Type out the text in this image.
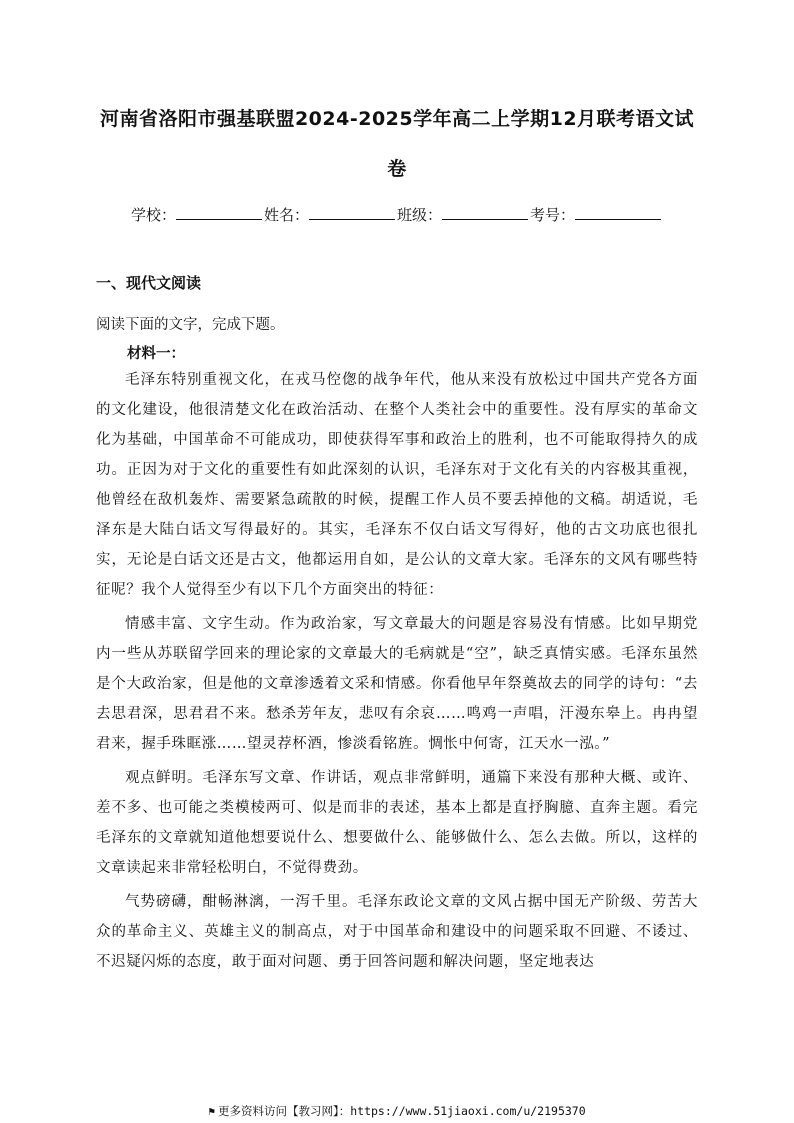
河南省洛阳市强基联盟2024-2025学年高二上学期12月联考语文试
卷
学校：	姓名：	班级：	考号：
一、现代文阅读
阅读下面的文字，完成下题。
材料一：

毛泽东特别重视文化，在戎马倥偬的战争年代，他从来没有放松过中国共产党各方面的文化建设，他很清楚文化在政治活动、在整个人类社会中的重要性。没有厚实的革命文化为基础，中国革命不可能成功，即使获得军事和政治上的胜利，也不可能取得持久的成功。正因为对于文化的重要性有如此深刻的认识，毛泽东对于文化有关的内容极其重视，他曾经在敌机轰炸、需要紧急疏散的时候，提醒工作人员不要丢掉他的文稿。胡适说，毛泽东是大陆白话文写得最好的。其实，毛泽东不仅白话文写得好，他的古文功底也很扎实，无论是白话文还是古文，他都运用自如，是公认的文章大家。毛泽东的文风有哪些特征呢？我个人觉得至少有以下几个方面突出的特征：

情感丰富、文字生动。作为政治家，写文章最大的问题是容易没有情感。比如早期党内一些从苏联留学回来的理论家的文章最大的毛病就是“空”，缺乏真情实感。毛泽东虽然是个大政治家，但是他的文章渗透着文采和情感。你看他早年祭奠故去的同学的诗句：“去去思君深，思君君不来。愁杀芳年友，悲叹有余哀……鸣鸡一声唱，汗漫东皋上。冉冉望君来，握手珠眶涨……望灵荐杯酒，惨淡看铭旌。惆怅中何寄，江天水一泓。”

观点鲜明。毛泽东写文章、作讲话，观点非常鲜明，通篇下来没有那种大概、或许、差不多、也可能之类模棱两可、似是而非的表述，基本上都是直抒胸臆、直奔主题。看完毛泽东的文章就知道他想要说什么、想要做什么、能够做什么、怎么去做。所以，这样的文章读起来非常轻松明白，不觉得费劲。

气势磅礴，酣畅淋漓，一泻千里。毛泽东政论文章的文风占据中国无产阶级、劳苦大众的革命主义、英雄主义的制高点，对于中国革命和建设中的问题采取不回避、不诿过、不迟疑闪烁的态度，敢于面对问题、勇于回答问题和解决问题，坚定地表达

⚑ 更多资料访问【教习网】：https://www.51jiaoxi.com/u/2195370
